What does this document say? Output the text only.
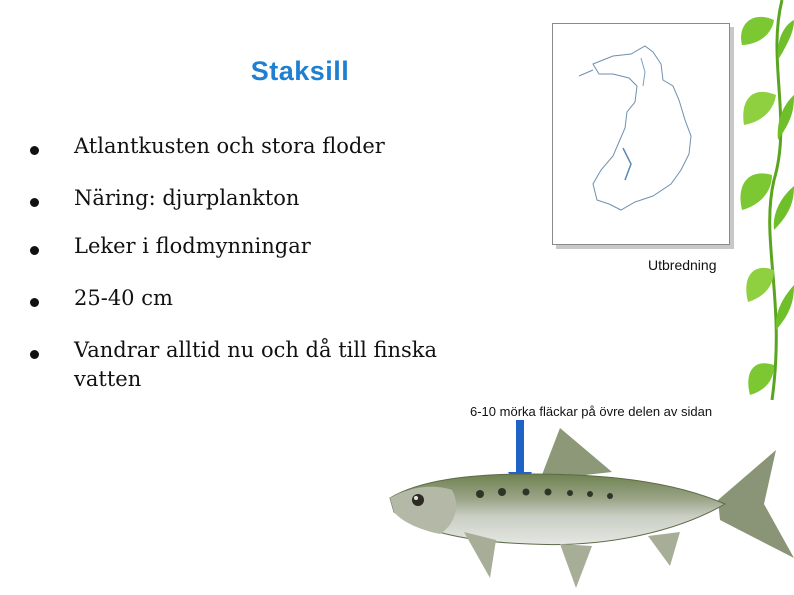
Staksill
Atlantkusten och stora floder
Näring: djurplankton
Leker i flodmynningar
25-40 cm
Vandrar alltid nu och då till finska vatten
Utbredning
6-10 mörka fläckar på övre delen av sidan
